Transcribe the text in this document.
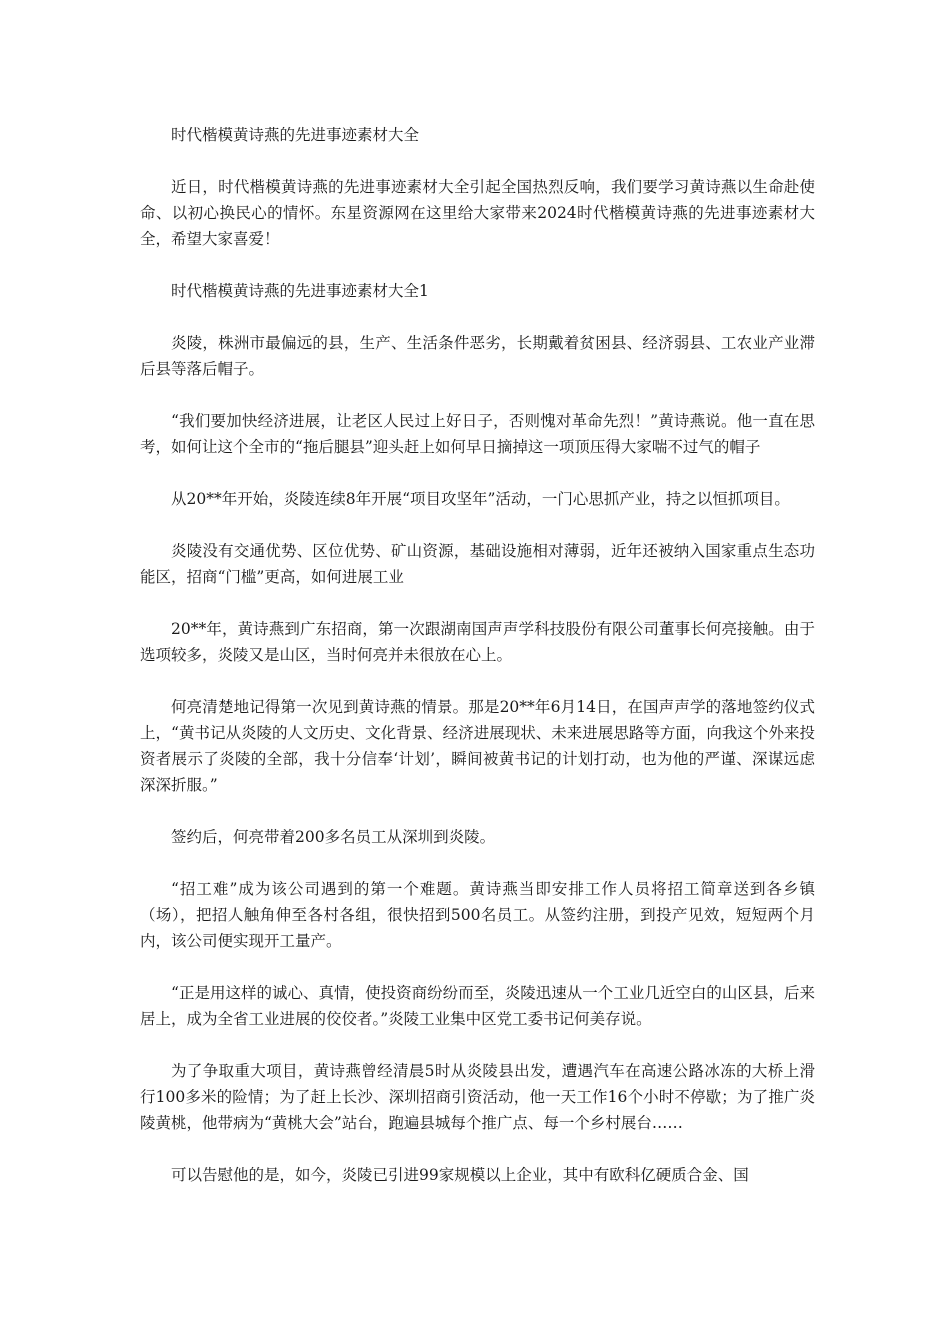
时代楷模黄诗燕的先进事迹素材大全

近日，时代楷模黄诗燕的先进事迹素材大全引起全国热烈反响，我们要学习黄诗燕以生命赴使命、以初心换民心的情怀。东星资源网在这里给大家带来2024时代楷模黄诗燕的先进事迹素材大全，希望大家喜爱！

时代楷模黄诗燕的先进事迹素材大全1

炎陵，株洲市最偏远的县，生产、生活条件恶劣，长期戴着贫困县、经济弱县、工农业产业滞后县等落后帽子。

“我们要加快经济进展，让老区人民过上好日子，否则愧对革命先烈！”黄诗燕说。他一直在思考，如何让这个全市的“拖后腿县”迎头赶上如何早日摘掉这一项顶压得大家喘不过气的帽子

从20**年开始，炎陵连续8年开展“项目攻坚年”活动，一门心思抓产业，持之以恒抓项目。

炎陵没有交通优势、区位优势、矿山资源，基础设施相对薄弱，近年还被纳入国家重点生态功能区，招商“门槛”更高，如何进展工业

20**年，黄诗燕到广东招商，第一次跟湖南国声声学科技股份有限公司董事长何亮接触。由于选项较多，炎陵又是山区，当时何亮并未很放在心上。

何亮清楚地记得第一次见到黄诗燕的情景。那是20**年6月14日，在国声声学的落地签约仪式上，“黄书记从炎陵的人文历史、文化背景、经济进展现状、未来进展思路等方面，向我这个外来投资者展示了炎陵的全部，我十分信奉‘计划’，瞬间被黄书记的计划打动，也为他的严谨、深谋远虑深深折服。”

签约后，何亮带着200多名员工从深圳到炎陵。

“招工难”成为该公司遇到的第一个难题。黄诗燕当即安排工作人员将招工简章送到各乡镇（场），把招人触角伸至各村各组，很快招到500名员工。从签约注册，到投产见效，短短两个月内，该公司便实现开工量产。

“正是用这样的诚心、真情，使投资商纷纷而至，炎陵迅速从一个工业几近空白的山区县，后来居上，成为全省工业进展的佼佼者。”炎陵工业集中区党工委书记何美存说。

为了争取重大项目，黄诗燕曾经清晨5时从炎陵县出发，遭遇汽车在高速公路冰冻的大桥上滑行100多米的险情；为了赶上长沙、深圳招商引资活动，他一天工作16个小时不停歇；为了推广炎陵黄桃，他带病为“黄桃大会”站台，跑遍县城每个推广点、每一个乡村展台……

可以告慰他的是，如今，炎陵已引进99家规模以上企业，其中有欧科亿硬质合金、国
